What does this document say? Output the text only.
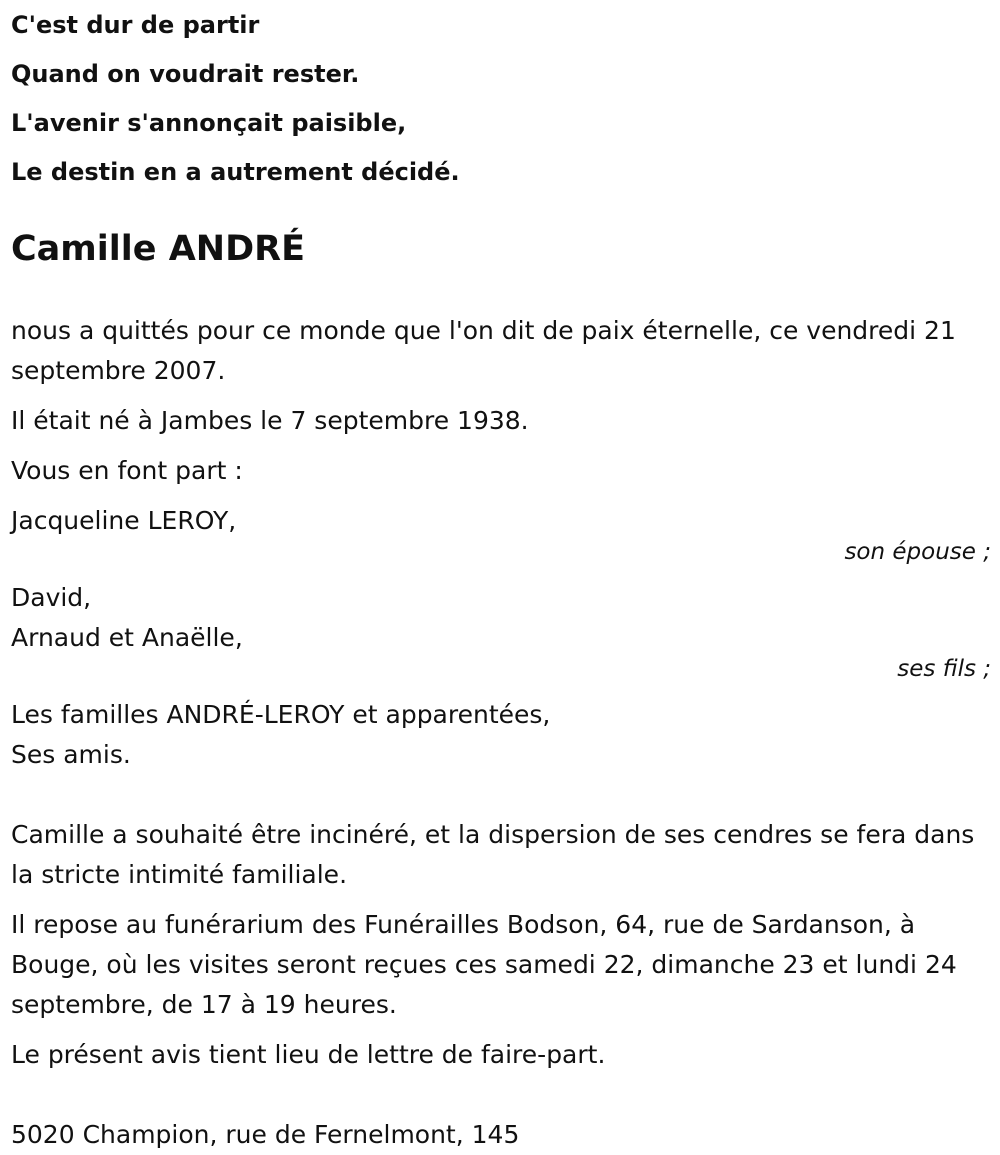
C'est dur de partir
Quand on voudrait rester.
L'avenir s'annonçait paisible,
Le destin en a autrement décidé.
Camille ANDRÉ

nous a quittés pour ce monde que l'on dit de paix éternelle, ce vendredi 21 septembre 2007.

Il était né à Jambes le 7 septembre 1938.

Vous en font part :

Jacqueline LEROY,
son épouse ;
David,
Arnaud et Anaëlle,
ses fils ;
Les familles ANDRÉ-LEROY et apparentées,
Ses amis.

Camille a souhaité être incinéré, et la dispersion de ses cendres se fera dans la stricte intimité familiale.

Il repose au funérarium des Funérailles Bodson, 64, rue de Sardanson, à Bouge, où les visites seront reçues ces samedi 22, dimanche 23 et lundi 24 septembre, de 17 à 19 heures.

Le présent avis tient lieu de lettre de faire-part.

5020 Champion, rue de Fernelmont, 145
